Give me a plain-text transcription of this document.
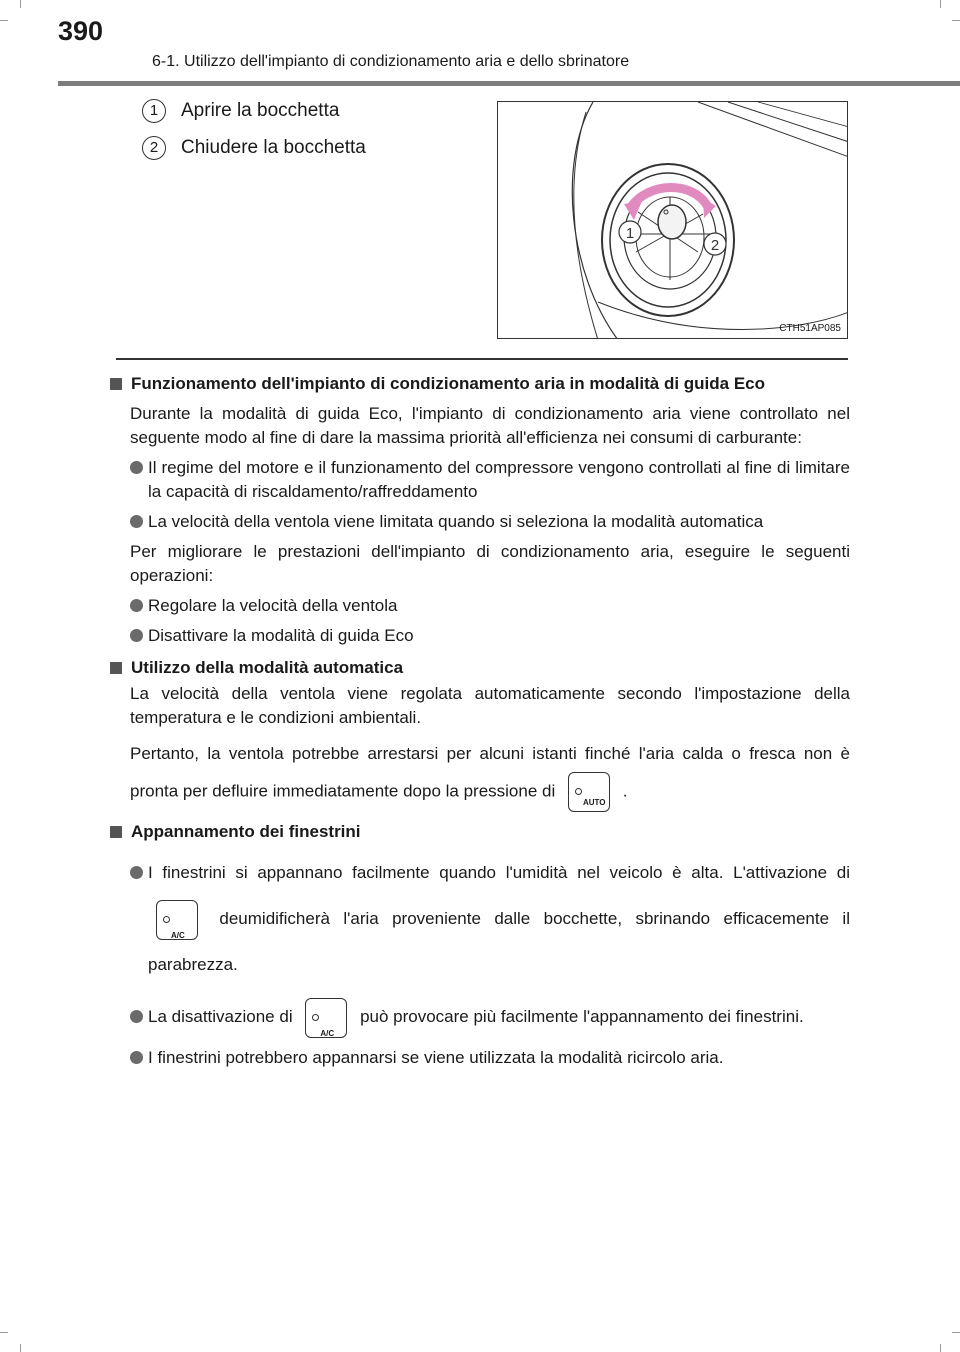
390
6-1. Utilizzo dell'impianto di condizionamento aria e dello sbrinatore
1	Aprire la bocchetta
2	Chiudere la bocchetta
1
2
CTH51AP085
Funzionamento dell'impianto di condizionamento aria in modalità di guida Eco
Durante la modalità di guida Eco, l'impianto di condizionamento aria viene controllato nel seguente modo al fine di dare la massima priorità all'efficienza nei consumi di carburante:
Il regime del motore e il funzionamento del compressore vengono controllati al fine di limitare la capacità di riscaldamento/raffreddamento
La velocità della ventola viene limitata quando si seleziona la modalità automatica
Per migliorare le prestazioni dell'impianto di condizionamento aria, eseguire le seguenti operazioni:
Regolare la velocità della ventola
Disattivare la modalità di guida Eco
Utilizzo della modalità automatica
La velocità della ventola viene regolata automaticamente secondo l'impostazione della temperatura e le condizioni ambientali.
Pertanto, la ventola potrebbe arrestarsi per alcuni istanti finché l'aria calda o fresca non è pronta per defluire immediatamente dopo la pressione di
AUTO
.
Appannamento dei finestrini
I finestrini si appannano facilmente quando l'umidità nel veicolo è alta. L'attivazione di
A/C
deumidificherà l'aria proveniente dalle bocchette, sbrinando efficacemente il parabrezza.
La disattivazione di
A/C
può provocare più facilmente l'appannamento dei finestrini.
I finestrini potrebbero appannarsi se viene utilizzata la modalità ricircolo aria.
